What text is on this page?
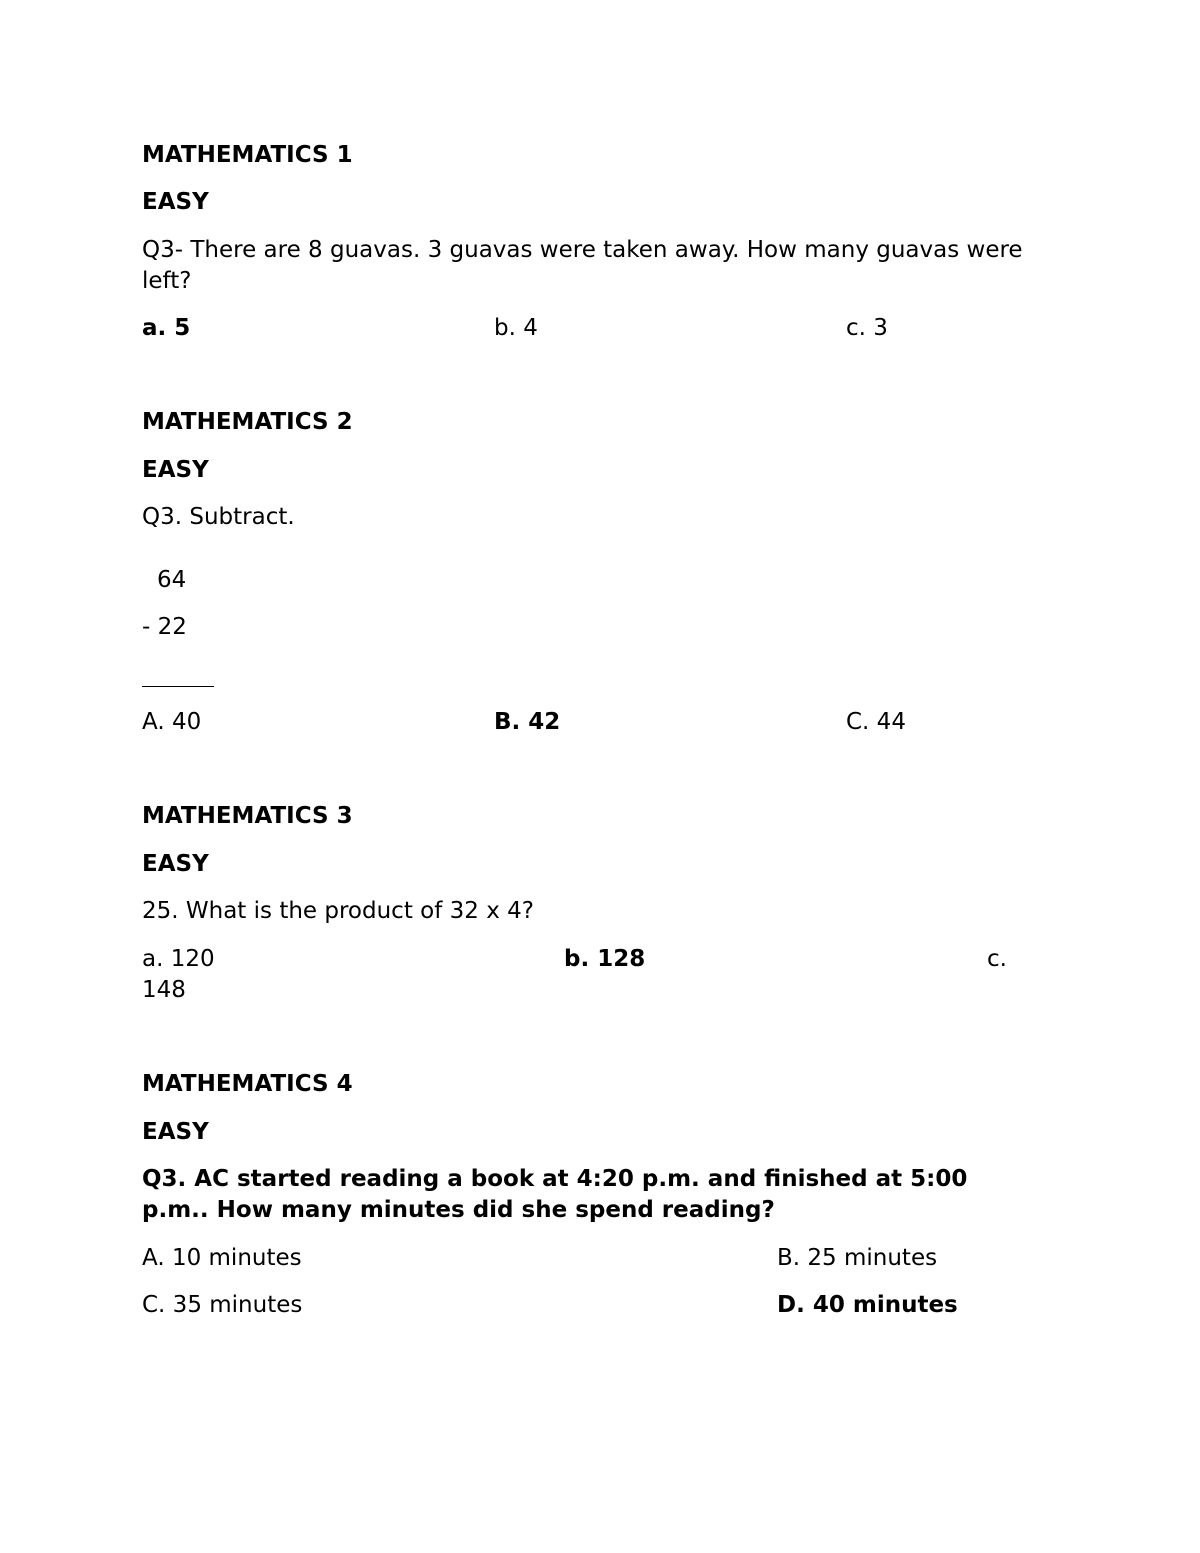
MATHEMATICS 1
EASY
Q3- There are 8 guavas. 3 guavas were taken away. How many guavas were left?
a. 5	b. 4	c. 3
MATHEMATICS 2
EASY
Q3. Subtract.
64
- 22
A. 40	B. 42	C. 44
MATHEMATICS 3
EASY
25. What is the product of 32 x 4?
a. 120	b. 128	c.
148
MATHEMATICS 4
EASY
Q3. AC started reading a book at 4:20 p.m. and finished at 5:00
p.m.. How many minutes did she spend reading?
A. 10 minutes	B. 25 minutes
C. 35 minutes	D. 40 minutes
